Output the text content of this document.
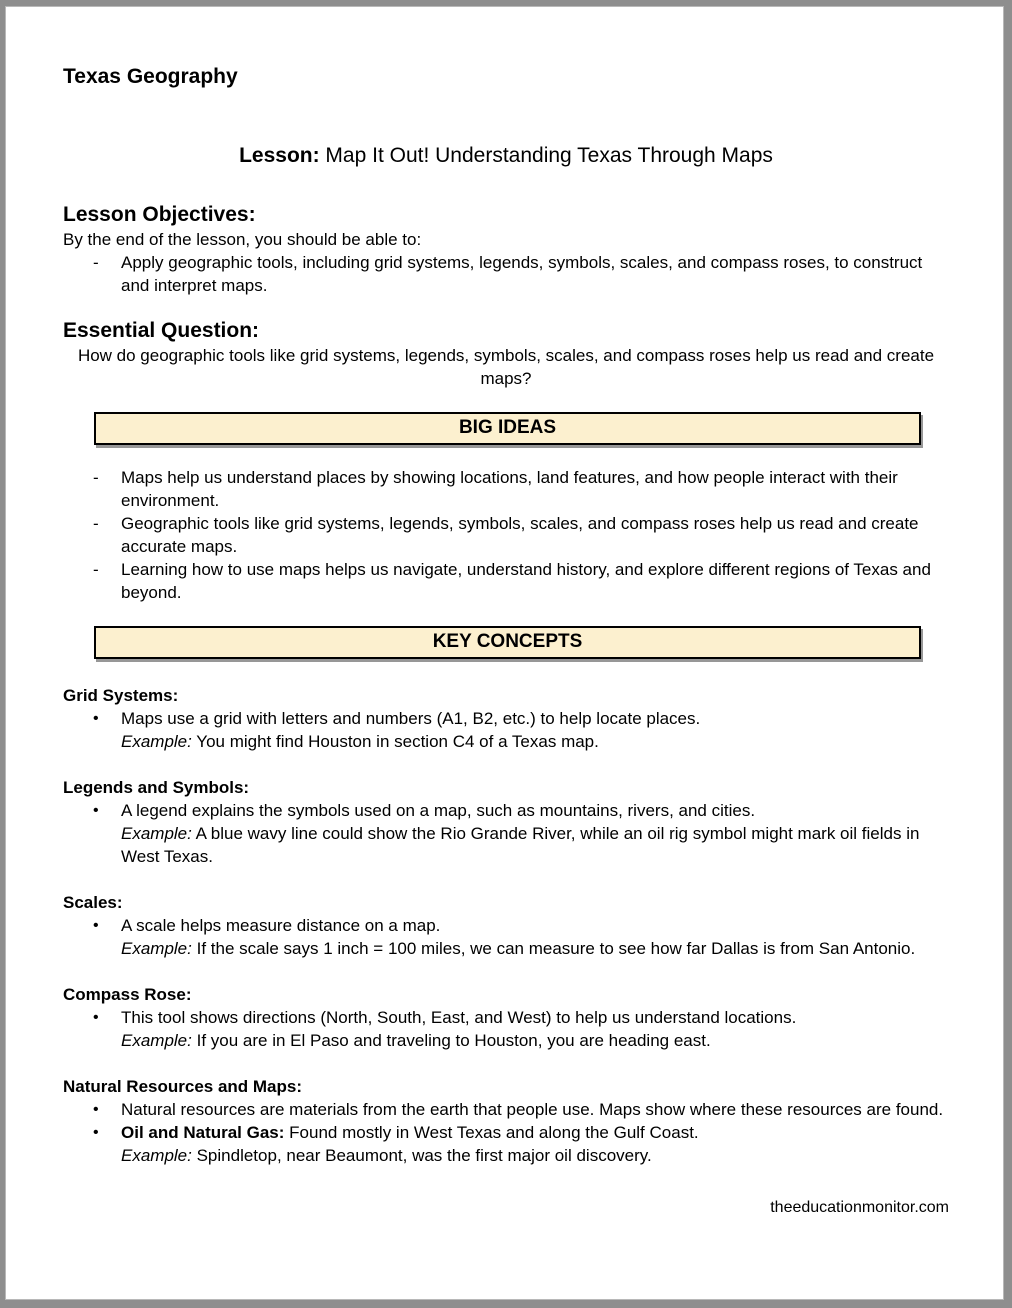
Texas Geography
Lesson: Map It Out! Understanding Texas Through Maps
Lesson Objectives:
By the end of the lesson, you should be able to:
-	Apply geographic tools, including grid systems, legends, symbols, scales, and compass roses, to construct and interpret maps.
Essential Question:
How do geographic tools like grid systems, legends, symbols, scales, and compass roses help us read and create maps?
BIG IDEAS
-	Maps help us understand places by showing locations, land features, and how people interact with their environment.
-	Geographic tools like grid systems, legends, symbols, scales, and compass roses help us read and create accurate maps.
-	Learning how to use maps helps us navigate, understand history, and explore different regions of Texas and beyond.
KEY CONCEPTS
Grid Systems:
•	Maps use a grid with letters and numbers (A1, B2, etc.) to help locate places.
Example: You might find Houston in section C4 of a Texas map.
Legends and Symbols:
•	A legend explains the symbols used on a map, such as mountains, rivers, and cities.
Example: A blue wavy line could show the Rio Grande River, while an oil rig symbol might mark oil fields in West Texas.
Scales:
•	A scale helps measure distance on a map.
Example: If the scale says 1 inch = 100 miles, we can measure to see how far Dallas is from San Antonio.
Compass Rose:
•	This tool shows directions (North, South, East, and West) to help us understand locations.
Example: If you are in El Paso and traveling to Houston, you are heading east.
Natural Resources and Maps:
•	Natural resources are materials from the earth that people use. Maps show where these resources are found.
•	Oil and Natural Gas: Found mostly in West Texas and along the Gulf Coast.
Example: Spindletop, near Beaumont, was the first major oil discovery.
theeducationmonitor.com
